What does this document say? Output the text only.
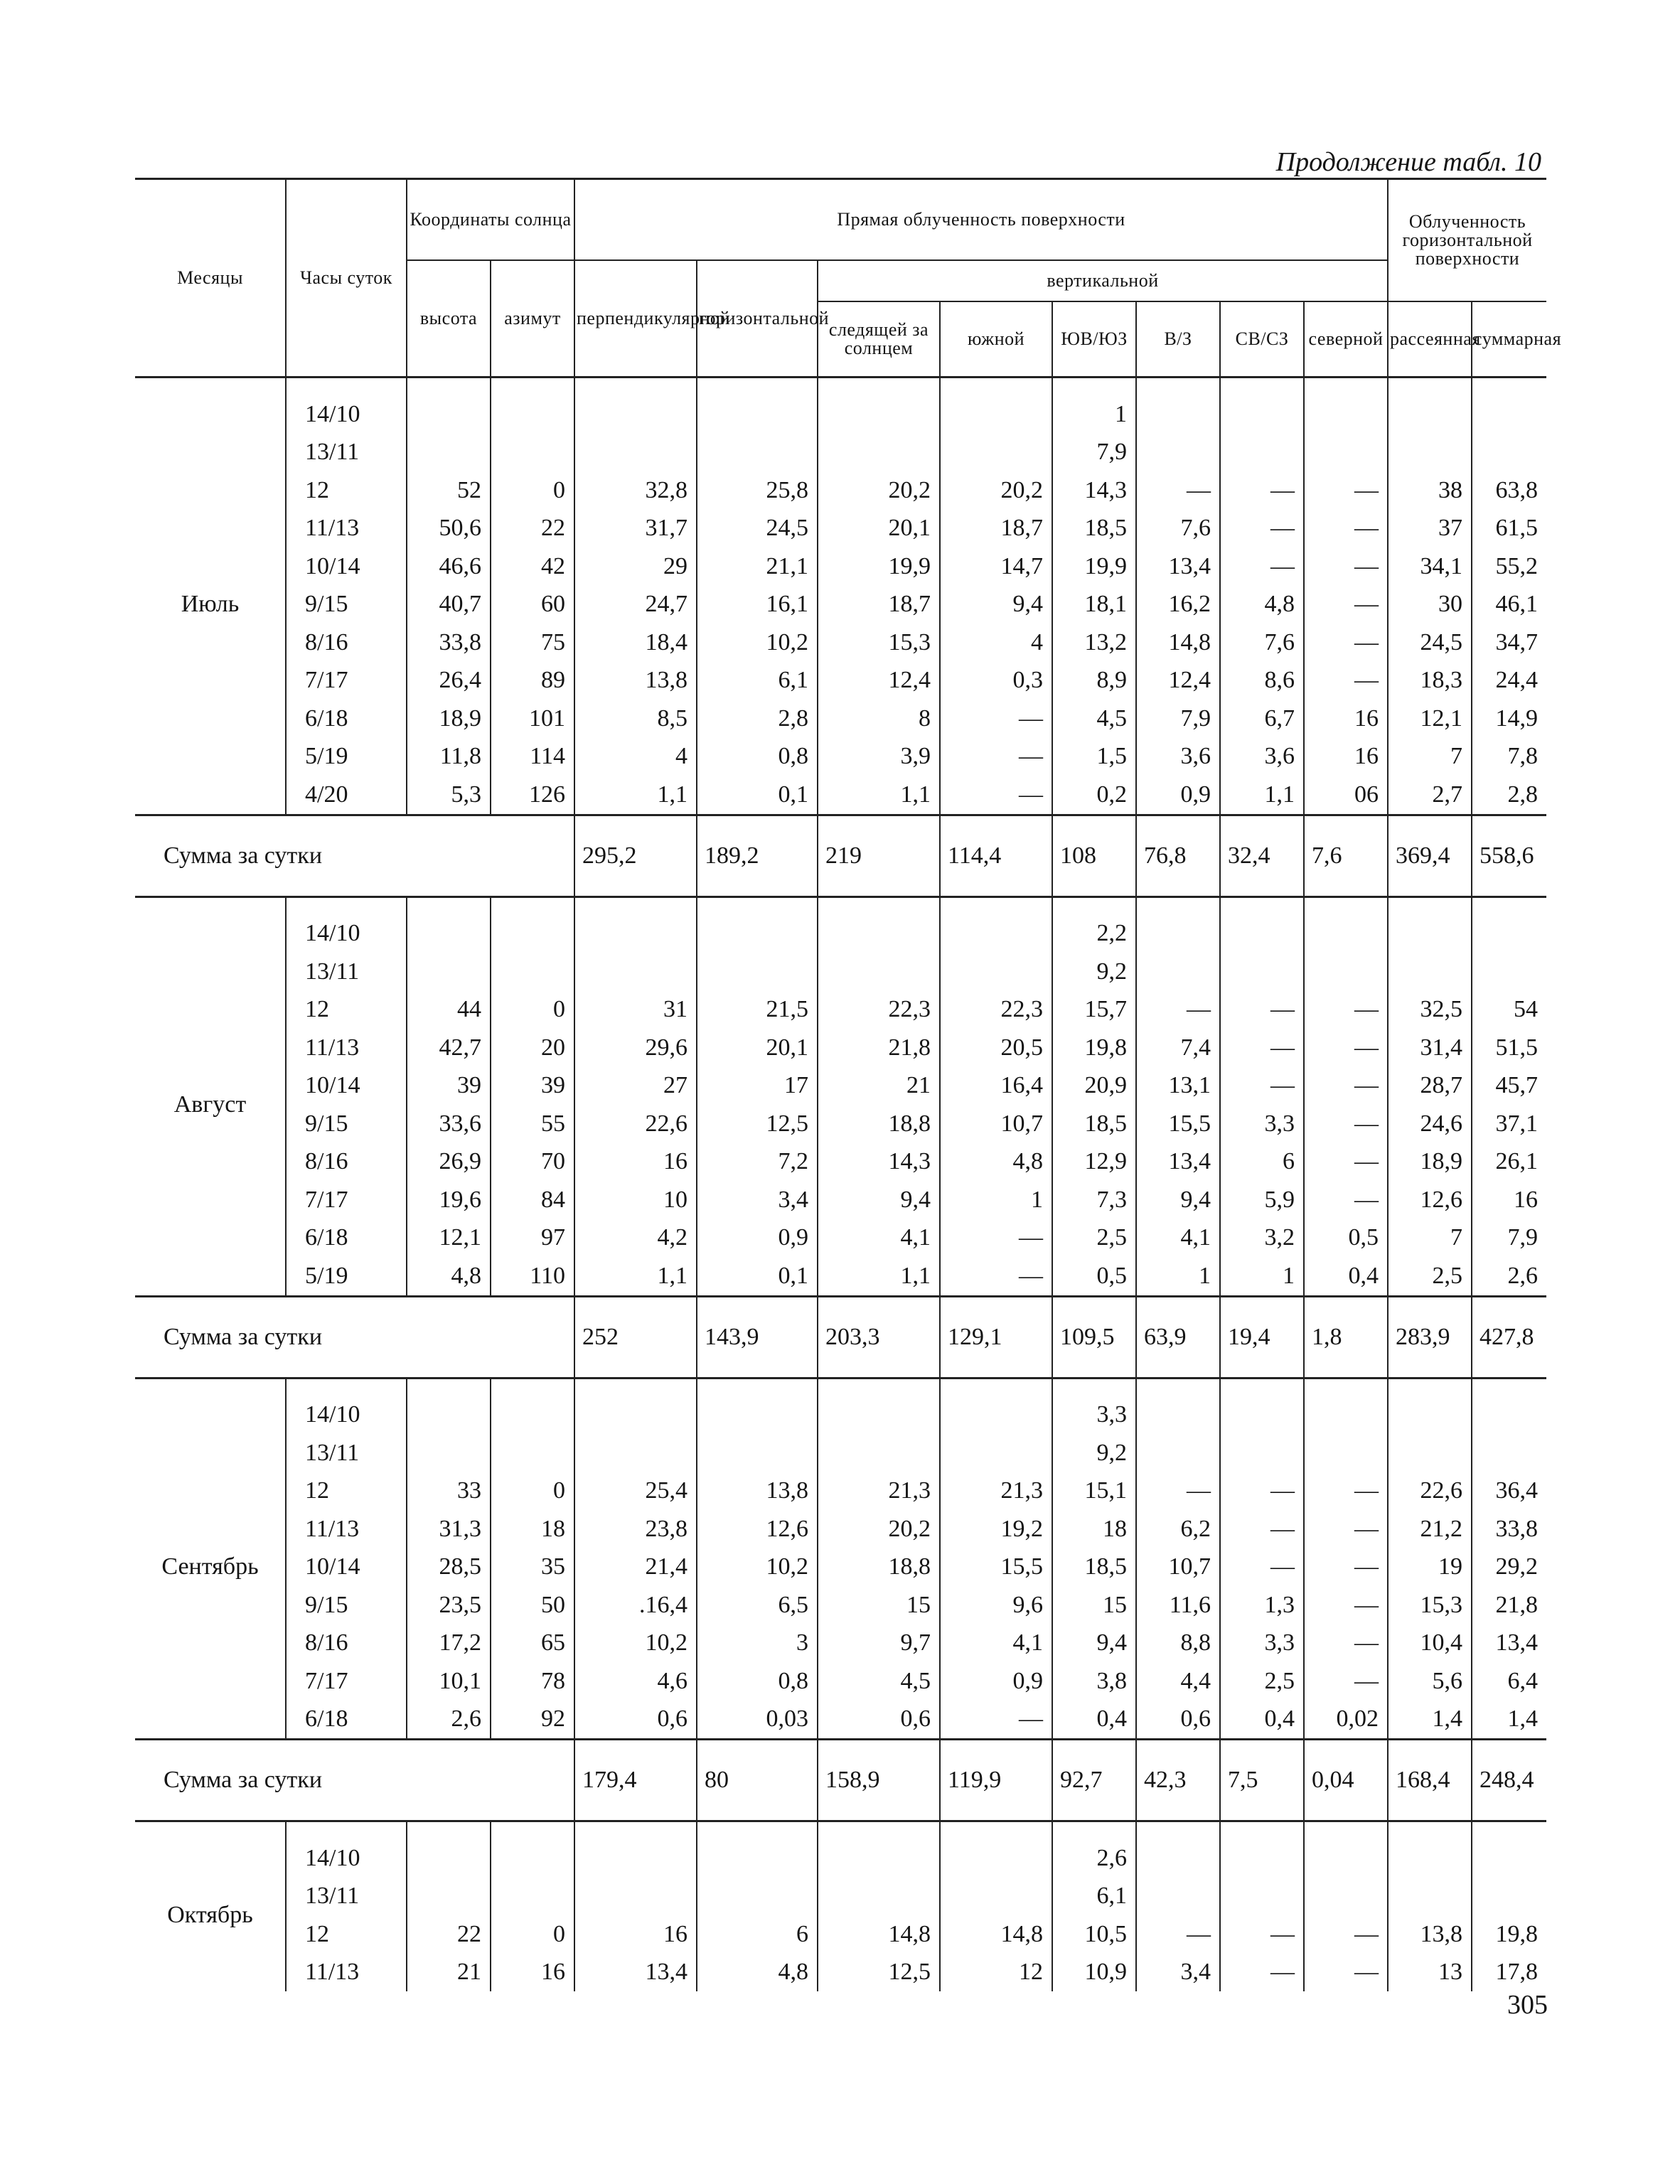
Продолжение табл. 10
Месяцы	Часы суток	Координаты солнца		Прямая облученность поверхности								Облученность горизонтальной поверхности	
		высота	азимут	перпендикулярной	горизонтальной	вертикальной							
						следящей за солнцем	южной	ЮВ/ЮЗ	В/З	СВ/СЗ	северной	рассеянная	суммарная

Июль	14/10							1					
	13/11							7,9					
	12	52	0	32,8	25,8	20,2	20,2	14,3	—	—	—	38	63,8
	11/13	50,6	22	31,7	24,5	20,1	18,7	18,5	7,6	—	—	37	61,5
	10/14	46,6	42	29	21,1	19,9	14,7	19,9	13,4	—	—	34,1	55,2
	9/15	40,7	60	24,7	16,1	18,7	9,4	18,1	16,2	4,8	—	30	46,1
	8/16	33,8	75	18,4	10,2	15,3	4	13,2	14,8	7,6	—	24,5	34,7
	7/17	26,4	89	13,8	6,1	12,4	0,3	8,9	12,4	8,6	—	18,3	24,4
	6/18	18,9	101	8,5	2,8	8	—	4,5	7,9	6,7	16	12,1	14,9
	5/19	11,8	114	4	0,8	3,9	—	1,5	3,6	3,6	16	7	7,8
	4/20	5,3	126	1,1	0,1	1,1	—	0,2	0,9	1,1	06	2,7	2,8
Сумма за сутки				295,2	189,2	219	114,4	108	76,8	32,4	7,6	369,4	558,6

Август	14/10							2,2					
	13/11							9,2					
	12	44	0	31	21,5	22,3	22,3	15,7	—	—	—	32,5	54
	11/13	42,7	20	29,6	20,1	21,8	20,5	19,8	7,4	—	—	31,4	51,5
	10/14	39	39	27	17	21	16,4	20,9	13,1	—	—	28,7	45,7
	9/15	33,6	55	22,6	12,5	18,8	10,7	18,5	15,5	3,3	—	24,6	37,1
	8/16	26,9	70	16	7,2	14,3	4,8	12,9	13,4	6	—	18,9	26,1
	7/17	19,6	84	10	3,4	9,4	1	7,3	9,4	5,9	—	12,6	16
	6/18	12,1	97	4,2	0,9	4,1	—	2,5	4,1	3,2	0,5	7	7,9
	5/19	4,8	110	1,1	0,1	1,1	—	0,5	1	1	0,4	2,5	2,6
Сумма за сутки				252	143,9	203,3	129,1	109,5	63,9	19,4	1,8	283,9	427,8

Сентябрь	14/10							3,3					
	13/11							9,2					
	12	33	0	25,4	13,8	21,3	21,3	15,1	—	—	—	22,6	36,4
	11/13	31,3	18	23,8	12,6	20,2	19,2	18	6,2	—	—	21,2	33,8
	10/14	28,5	35	21,4	10,2	18,8	15,5	18,5	10,7	—	—	19	29,2
	9/15	23,5	50	.16,4	6,5	15	9,6	15	11,6	1,3	—	15,3	21,8
	8/16	17,2	65	10,2	3	9,7	4,1	9,4	8,8	3,3	—	10,4	13,4
	7/17	10,1	78	4,6	0,8	4,5	0,9	3,8	4,4	2,5	—	5,6	6,4
	6/18	2,6	92	0,6	0,03	0,6	—	0,4	0,6	0,4	0,02	1,4	1,4
Сумма за сутки				179,4	80	158,9	119,9	92,7	42,3	7,5	0,04	168,4	248,4

Октябрь	14/10							2,6					
	13/11							6,1					
	12	22	0	16	6	14,8	14,8	10,5	—	—	—	13,8	19,8
	11/13	21	16	13,4	4,8	12,5	12	10,9	3,4	—	—	13	17,8
305
